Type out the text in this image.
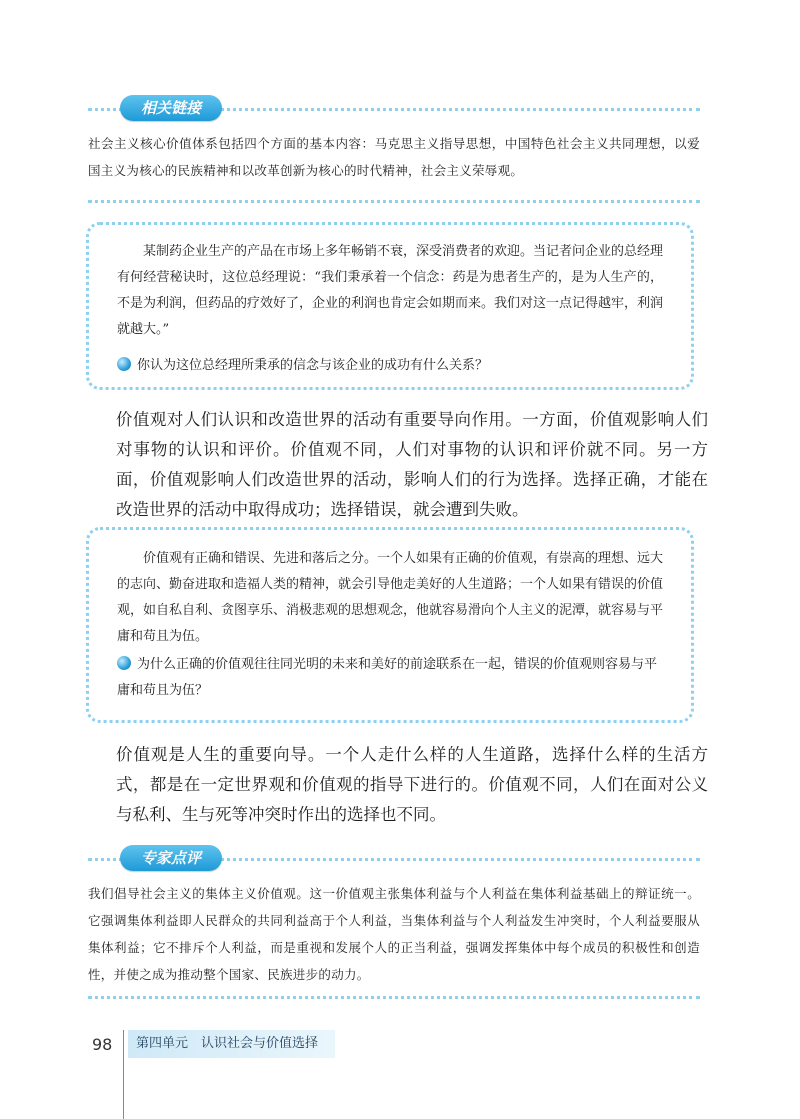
相关链接
社会主义核心价值体系包括四个方面的基本内容：马克思主义指导思想，中国特色社会主义共同理想，以爱国主义为核心的民族精神和以改革创新为核心的时代精神，社会主义荣辱观。
某制药企业生产的产品在市场上多年畅销不衰，深受消费者的欢迎。当记者问企业的总经理有何经营秘诀时，这位总经理说：“我们秉承着一个信念：药是为患者生产的，是为人生产的，不是为利润，但药品的疗效好了，企业的利润也肯定会如期而来。我们对这一点记得越牢，利润就越大。”
你认为这位总经理所秉承的信念与该企业的成功有什么关系？
价值观对人们认识和改造世界的活动有重要导向作用。一方面，价值观影响人们对事物的认识和评价。价值观不同，人们对事物的认识和评价就不同。另一方面，价值观影响人们改造世界的活动，影响人们的行为选择。选择正确，才能在改造世界的活动中取得成功；选择错误，就会遭到失败。
价值观有正确和错误、先进和落后之分。一个人如果有正确的价值观，有崇高的理想、远大的志向、勤奋进取和造福人类的精神，就会引导他走美好的人生道路；一个人如果有错误的价值观，如自私自利、贪图享乐、消极悲观的思想观念，他就容易滑向个人主义的泥潭，就容易与平庸和苟且为伍。
为什么正确的价值观往往同光明的未来和美好的前途联系在一起，错误的价值观则容易与平庸和苟且为伍？
价值观是人生的重要向导。一个人走什么样的人生道路，选择什么样的生活方式，都是在一定世界观和价值观的指导下进行的。价值观不同，人们在面对公义与私利、生与死等冲突时作出的选择也不同。
专家点评
我们倡导社会主义的集体主义价值观。这一价值观主张集体利益与个人利益在集体利益基础上的辩证统一。它强调集体利益即人民群众的共同利益高于个人利益，当集体利益与个人利益发生冲突时，个人利益要服从集体利益；它不排斥个人利益，而是重视和发展个人的正当利益，强调发挥集体中每个成员的积极性和创造性，并使之成为推动整个国家、民族进步的动力。
98	第四单元　认识社会与价值选择
